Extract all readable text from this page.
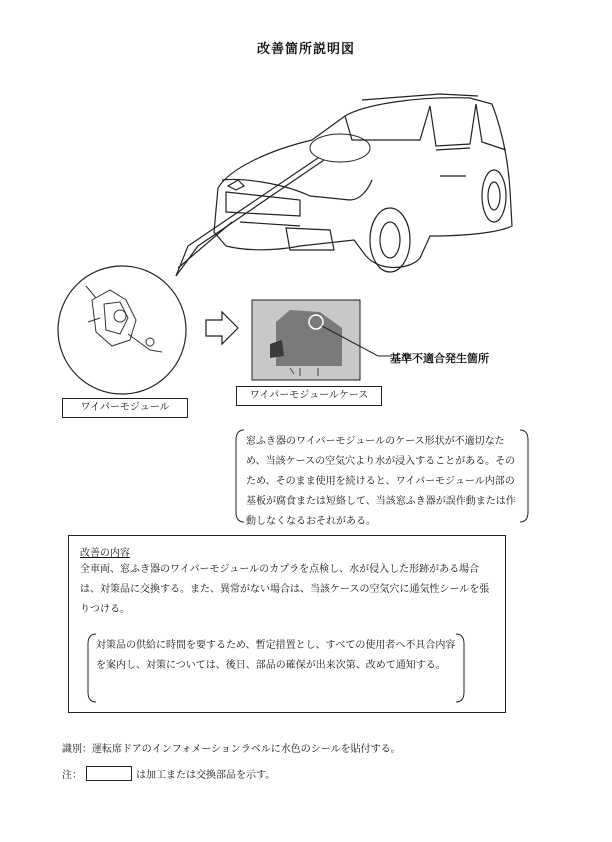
改善箇所説明図
ワイパーモジュール
ワイパーモジュールケース
基準不適合発生箇所
窓ふき器のワイパーモジュールのケース形状が不適切なため、当該ケースの空気穴より水が浸入することがある。そのため、そのまま使用を続けると、ワイパーモジュール内部の基板が腐食または短絡して、当該窓ふき器が誤作動または作動しなくなるおそれがある。
改善の内容
全車両、窓ふき器のワイパーモジュールのカプラを点検し、水が侵入した形跡がある場合は、対策品に交換する。また、異常がない場合は、当該ケースの空気穴に通気性シールを張りつける。
対策品の供給に時間を要するため、暫定措置とし、すべての使用者へ不具合内容を案内し、対策については、後日、部品の確保が出来次第、改めて通知する。
識別：運転席ドアのインフォメーションラベルに水色のシールを貼付する。
注：	は加工または交換部品を示す。
